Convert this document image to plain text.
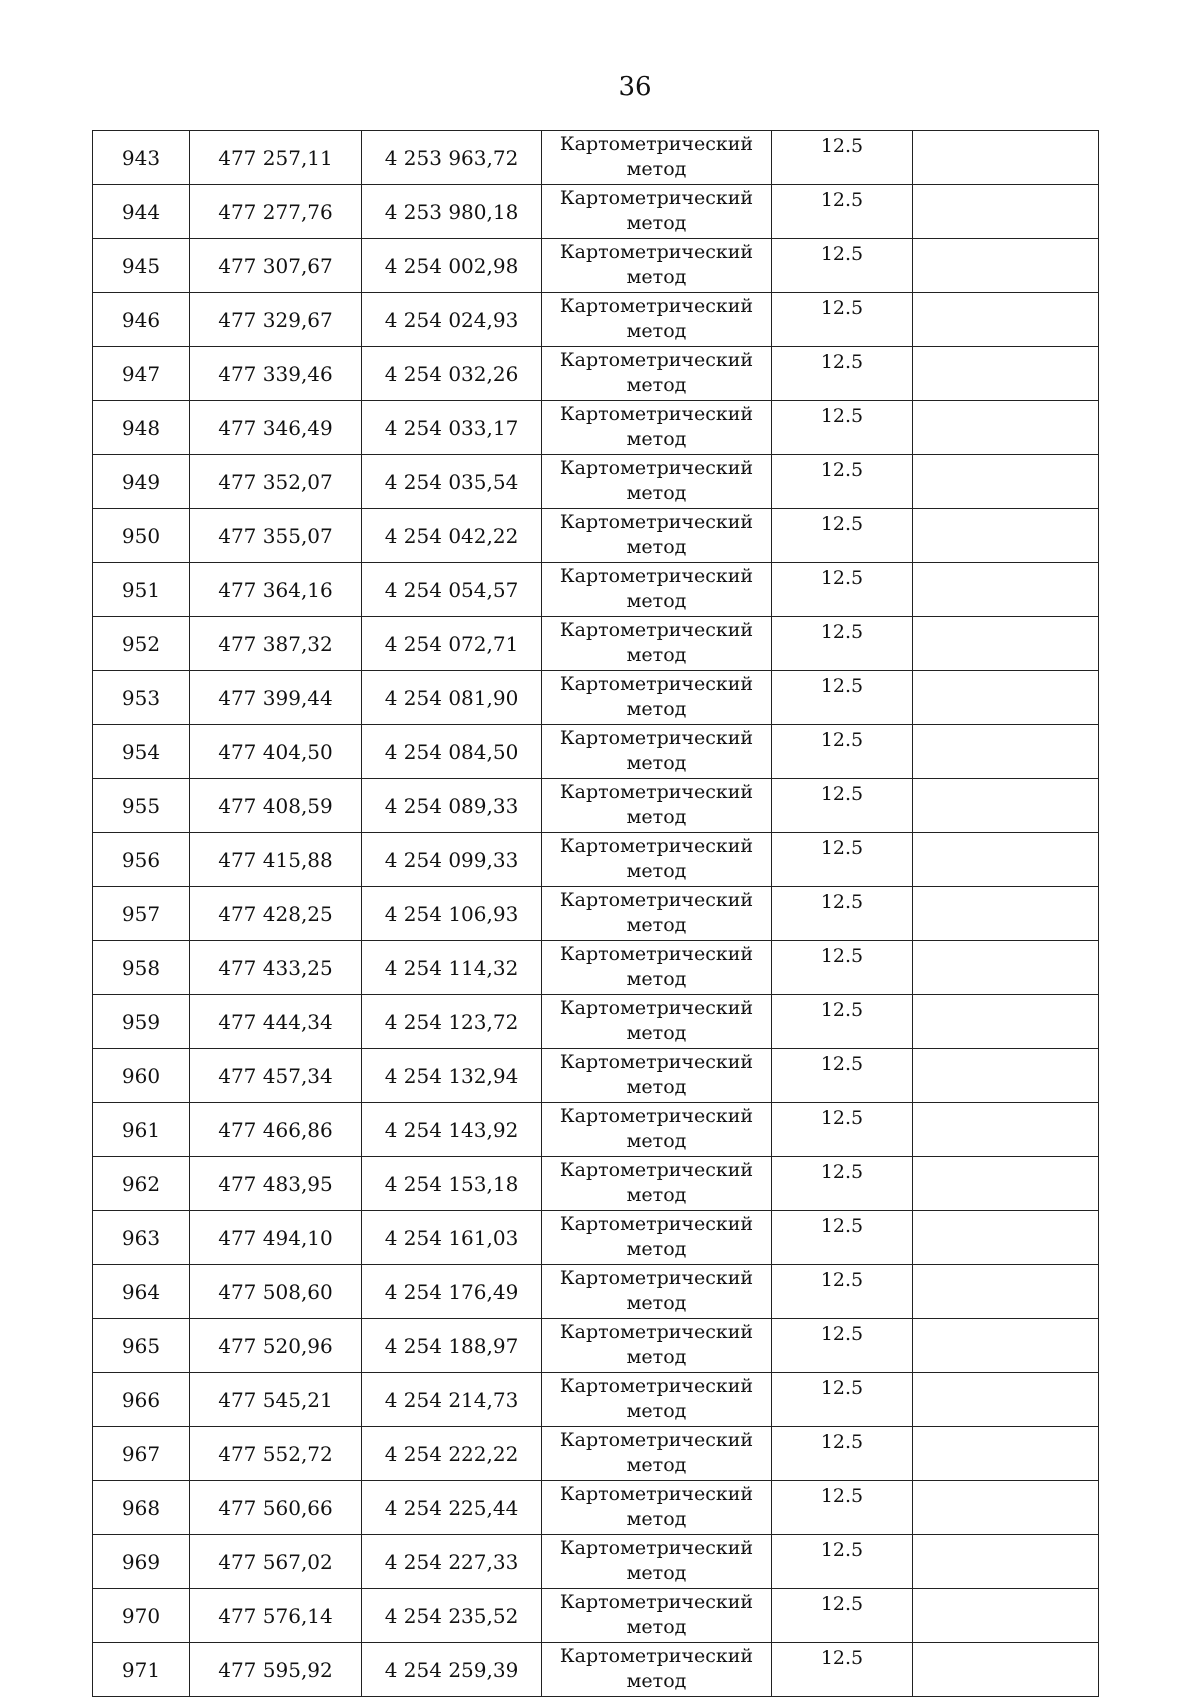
36
943	477 257,11	4 253 963,72	Картометрический
метод	12.5	
944	477 277,76	4 253 980,18	Картометрический
метод	12.5	
945	477 307,67	4 254 002,98	Картометрический
метод	12.5	
946	477 329,67	4 254 024,93	Картометрический
метод	12.5	
947	477 339,46	4 254 032,26	Картометрический
метод	12.5	
948	477 346,49	4 254 033,17	Картометрический
метод	12.5	
949	477 352,07	4 254 035,54	Картометрический
метод	12.5	
950	477 355,07	4 254 042,22	Картометрический
метод	12.5	
951	477 364,16	4 254 054,57	Картометрический
метод	12.5	
952	477 387,32	4 254 072,71	Картометрический
метод	12.5	
953	477 399,44	4 254 081,90	Картометрический
метод	12.5	
954	477 404,50	4 254 084,50	Картометрический
метод	12.5	
955	477 408,59	4 254 089,33	Картометрический
метод	12.5	
956	477 415,88	4 254 099,33	Картометрический
метод	12.5	
957	477 428,25	4 254 106,93	Картометрический
метод	12.5	
958	477 433,25	4 254 114,32	Картометрический
метод	12.5	
959	477 444,34	4 254 123,72	Картометрический
метод	12.5	
960	477 457,34	4 254 132,94	Картометрический
метод	12.5	
961	477 466,86	4 254 143,92	Картометрический
метод	12.5	
962	477 483,95	4 254 153,18	Картометрический
метод	12.5	
963	477 494,10	4 254 161,03	Картометрический
метод	12.5	
964	477 508,60	4 254 176,49	Картометрический
метод	12.5	
965	477 520,96	4 254 188,97	Картометрический
метод	12.5	
966	477 545,21	4 254 214,73	Картометрический
метод	12.5	
967	477 552,72	4 254 222,22	Картометрический
метод	12.5	
968	477 560,66	4 254 225,44	Картометрический
метод	12.5	
969	477 567,02	4 254 227,33	Картометрический
метод	12.5	
970	477 576,14	4 254 235,52	Картометрический
метод	12.5	
971	477 595,92	4 254 259,39	Картометрический
метод	12.5	
